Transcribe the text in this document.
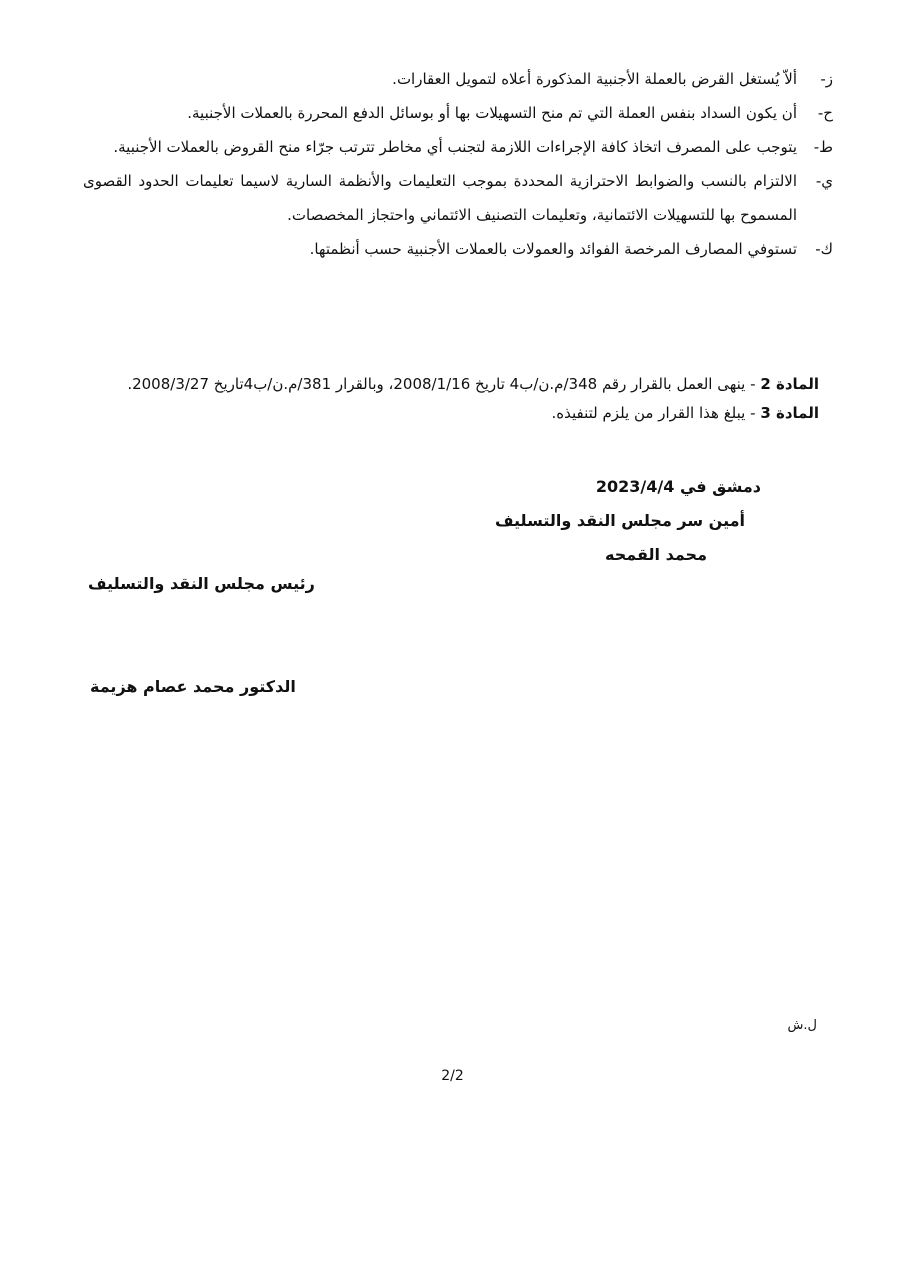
ز-
ألاّ يُستغل القرض بالعملة الأجنبية المذكورة أعلاه لتمويل العقارات.

ح-
أن يكون السداد بنفس العملة التي تم منح التسهيلات بها أو بوسائل الدفع المحررة بالعملات الأجنبية.

ط-
يتوجب على المصرف اتخاذ كافة الإجراءات اللازمة لتجنب أي مخاطر تترتب جرّاء منح القروض بالعملات الأجنبية.

ي-
الالتزام بالنسب والضوابط الاحترازية المحددة بموجب التعليمات والأنظمة السارية لاسيما تعليمات الحدود القصوى المسموح بها للتسهيلات الائتمانية، وتعليمات التصنيف الائتماني واحتجاز المخصصات.

ك-
تستوفي المصارف المرخصة الفوائد والعمولات بالعملات الأجنبية حسب أنظمتها.

المادة 2 - ينهى العمل بالقرار رقم 348/م.ن/ب4 تاريخ 2008/1/16، وبالقرار 381/م.ن/ب4تاريخ 2008/3/27.

المادة 3 - يبلغ هذا القرار من يلزم لتنفيذه.

دمشق في 2023/4/4

أمين سر مجلس النقد والتسليف

محمد القمحه

رئيس مجلس النقد والتسليف
الدكتور محمد عصام هزيمة
ل.ش
2/2
